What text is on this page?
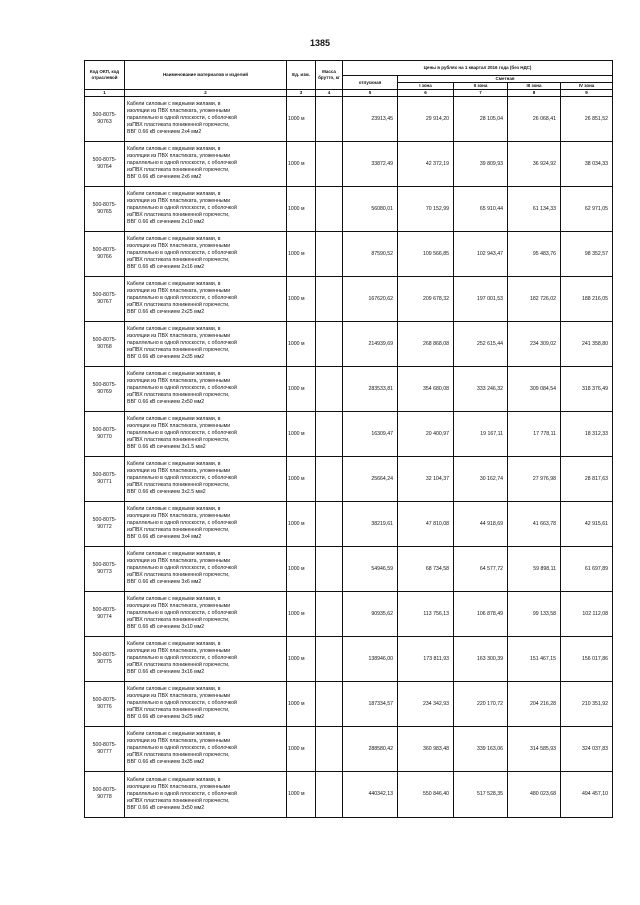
1385
Код ОКП, код отраслевой	Наименование материалов и изделий	Ед. изм.	Масса брутто, кг	Цены в рублях на 1 квартал 2016 года (без НДС)				
				отпускная	Сметная			
					I зона	II зона	III зона	IV зона

1	2	3	4	5	6	7	8	9

500-8075-
90763	Кабели силовые с медными жилами, в
изоляции из ПВХ пластиката, уложенными
параллельно в одной плоскости, с оболочкой
изПВХ пластиката пониженной горючести,
ВВГ 0.66 кВ сечением 2х4 мм2	1000 м		23913,45	29 914,20	28 105,04	26 068,41	26 851,52

500-8075-
90764	Кабели силовые с медными жилами, в
изоляции из ПВХ пластиката, уложенными
параллельно в одной плоскости, с оболочкой
изПВХ пластиката пониженной горючести,
ВВГ 0.66 кВ сечением 2х6 мм2	1000 м		33872,49	42 372,19	39 809,93	36 924,92	38 034,33

500-8075-
90765	Кабели силовые с медными жилами, в
изоляции из ПВХ пластиката, уложенными
параллельно в одной плоскости, с оболочкой
изПВХ пластиката пониженной горючести,
ВВГ 0.66 кВ сечением 2х10 мм2	1000 м		56080,01	70 152,99	65 910,44	61 134,33	62 971,05

500-8075-
90766	Кабели силовые с медными жилами, в
изоляции из ПВХ пластиката, уложенными
параллельно в одной плоскости, с оболочкой
изПВХ пластиката пониженной горючести,
ВВГ 0.66 кВ сечением 2х16 мм2	1000 м		87590,52	109 566,85	102 943,47	95 483,76	98 352,57

500-8075-
90767	Кабели силовые с медными жилами, в
изоляции из ПВХ пластиката, уложенными
параллельно в одной плоскости, с оболочкой
изПВХ пластиката пониженной горючести,
ВВГ 0.66 кВ сечением 2х25 мм2	1000 м		167620,62	209 678,32	197 001,53	182 726,02	188 216,05

500-8075-
90768	Кабели силовые с медными жилами, в
изоляции из ПВХ пластиката, уложенными
параллельно в одной плоскости, с оболочкой
изПВХ пластиката пониженной горючести,
ВВГ 0.66 кВ сечением 2х35 мм2	1000 м		214939,69	268 868,08	252 615,44	234 309,02	241 358,80

500-8075-
90769	Кабели силовые с медными жилами, в
изоляции из ПВХ пластиката, уложенными
параллельно в одной плоскости, с оболочкой
изПВХ пластиката пониженной горючести,
ВВГ 0.66 кВ сечением 2х50 мм2	1000 м		283533,81	354 680,08	333 246,32	309 084,54	318 376,49

500-8075-
90770	Кабели силовые с медными жилами, в
изоляции из ПВХ пластиката, уложенными
параллельно в одной плоскости, с оболочкой
изПВХ пластиката пониженной горючести,
ВВГ 0.66 кВ сечением 3х1.5 мм2	1000 м		16309,47	20 400,97	19 167,11	17 778,11	18 312,33

500-8075-
90771	Кабели силовые с медными жилами, в
изоляции из ПВХ пластиката, уложенными
параллельно в одной плоскости, с оболочкой
изПВХ пластиката пониженной горючести,
ВВГ 0.66 кВ сечением 3х2.5 мм2	1000 м		25664,24	32 104,37	30 162,74	27 976,98	28 817,63

500-8075-
90772	Кабели силовые с медными жилами, в
изоляции из ПВХ пластиката, уложенными
параллельно в одной плоскости, с оболочкой
изПВХ пластиката пониженной горючести,
ВВГ 0.66 кВ сечением 3х4 мм2	1000 м		38219,61	47 810,08	44 918,69	41 663,78	42 915,61

500-8075-
90773	Кабели силовые с медными жилами, в
изоляции из ПВХ пластиката, уложенными
параллельно в одной плоскости, с оболочкой
изПВХ пластиката пониженной горючести,
ВВГ 0.66 кВ сечением 3х6 мм2	1000 м		54946,59	68 734,58	64 577,72	59 898,11	61 697,89

500-8075-
90774	Кабели силовые с медными жилами, в
изоляции из ПВХ пластиката, уложенными
параллельно в одной плоскости, с оболочкой
изПВХ пластиката пониженной горючести,
ВВГ 0.66 кВ сечением 3х10 мм2	1000 м		90935,62	113 756,13	106 878,49	99 133,58	102 112,08

500-8075-
90775	Кабели силовые с медными жилами, в
изоляции из ПВХ пластиката, уложенными
параллельно в одной плоскости, с оболочкой
изПВХ пластиката пониженной горючести,
ВВГ 0.66 кВ сечением 3х16 мм2	1000 м		138946,00	173 811,93	163 300,39	151 467,15	156 017,86

500-8075-
90776	Кабели силовые с медными жилами, в
изоляции из ПВХ пластиката, уложенными
параллельно в одной плоскости, с оболочкой
изПВХ пластиката пониженной горючести,
ВВГ 0.66 кВ сечением 3х25 мм2	1000 м		187334,57	234 342,93	220 170,72	204 216,28	210 351,92

500-8075-
90777	Кабели силовые с медными жилами, в
изоляции из ПВХ пластиката, уложенными
параллельно в одной плоскости, с оболочкой
изПВХ пластиката пониженной горючести,
ВВГ 0.66 кВ сечением 3х35 мм2	1000 м		288580,42	360 983,48	339 163,06	314 585,93	324 037,83

500-8075-
90778	Кабели силовые с медными жилами, в
изоляции из ПВХ пластиката, уложенными
параллельно в одной плоскости, с оболочкой
изПВХ пластиката пониженной горючести,
ВВГ 0.66 кВ сечением 3х50 мм2	1000 м		440342,13	550 846,40	517 528,35	480 023,68	494 457,10
